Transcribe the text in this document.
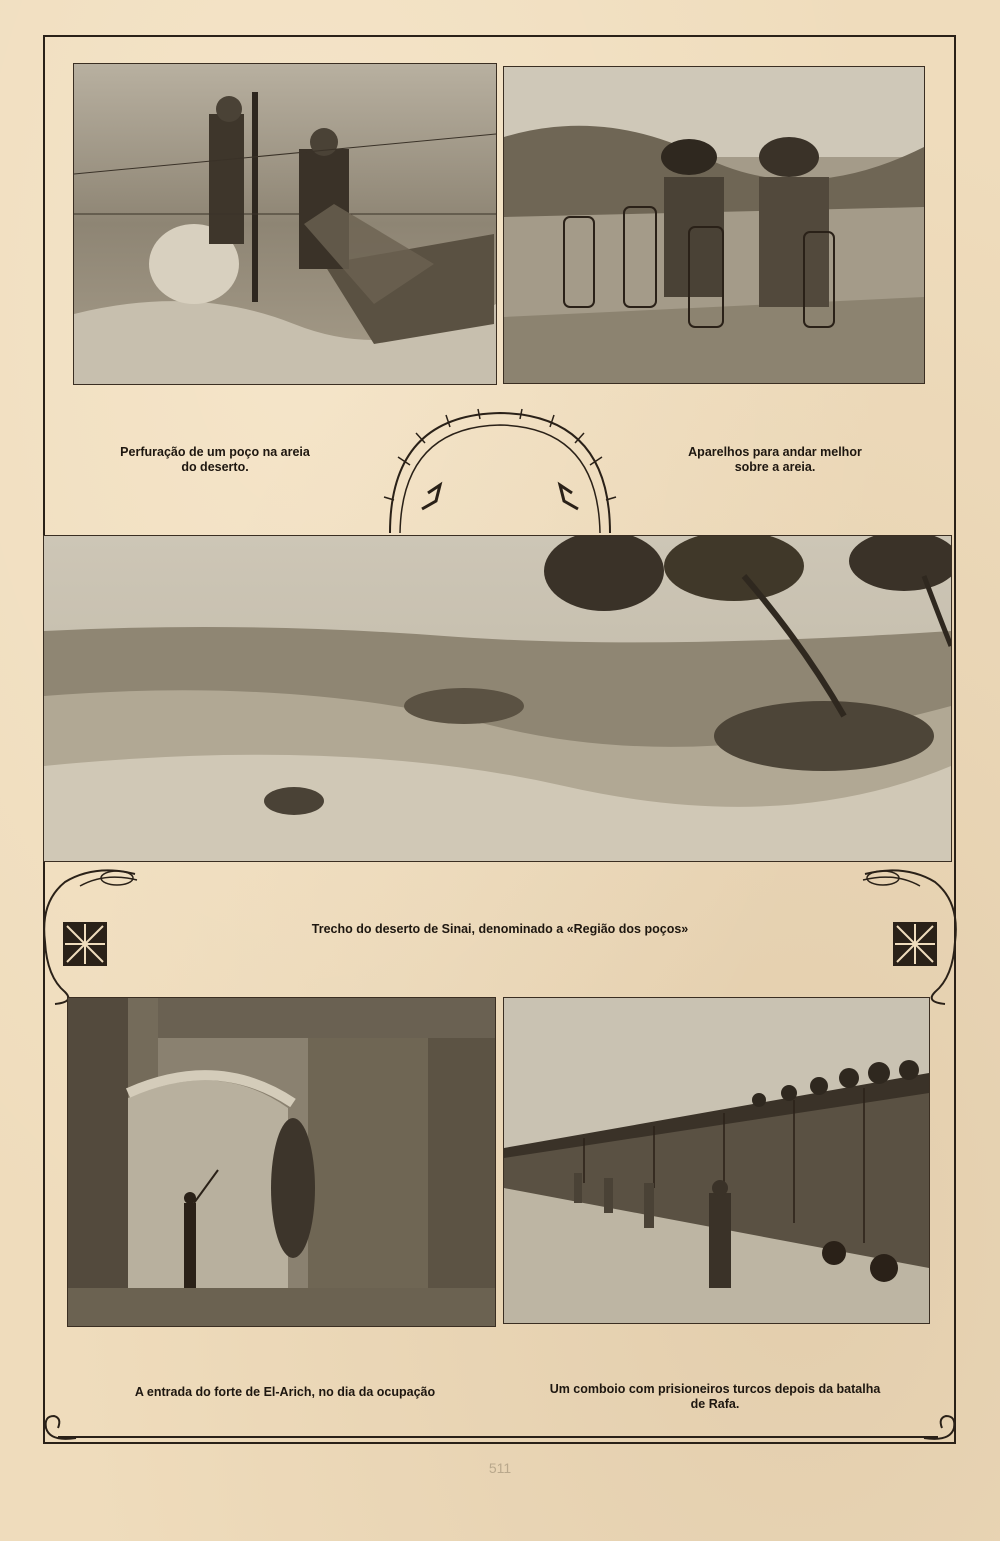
Perfuração de um poço na areia
do deserto.
Aparelhos para andar melhor
sobre a areia.
Trecho do deserto de Sinai, denominado a «Região dos poços»
A entrada do forte de El-Arich, no dia da ocupação	Um comboio com prisioneiros turcos depois da batalha
de Rafa.
511
